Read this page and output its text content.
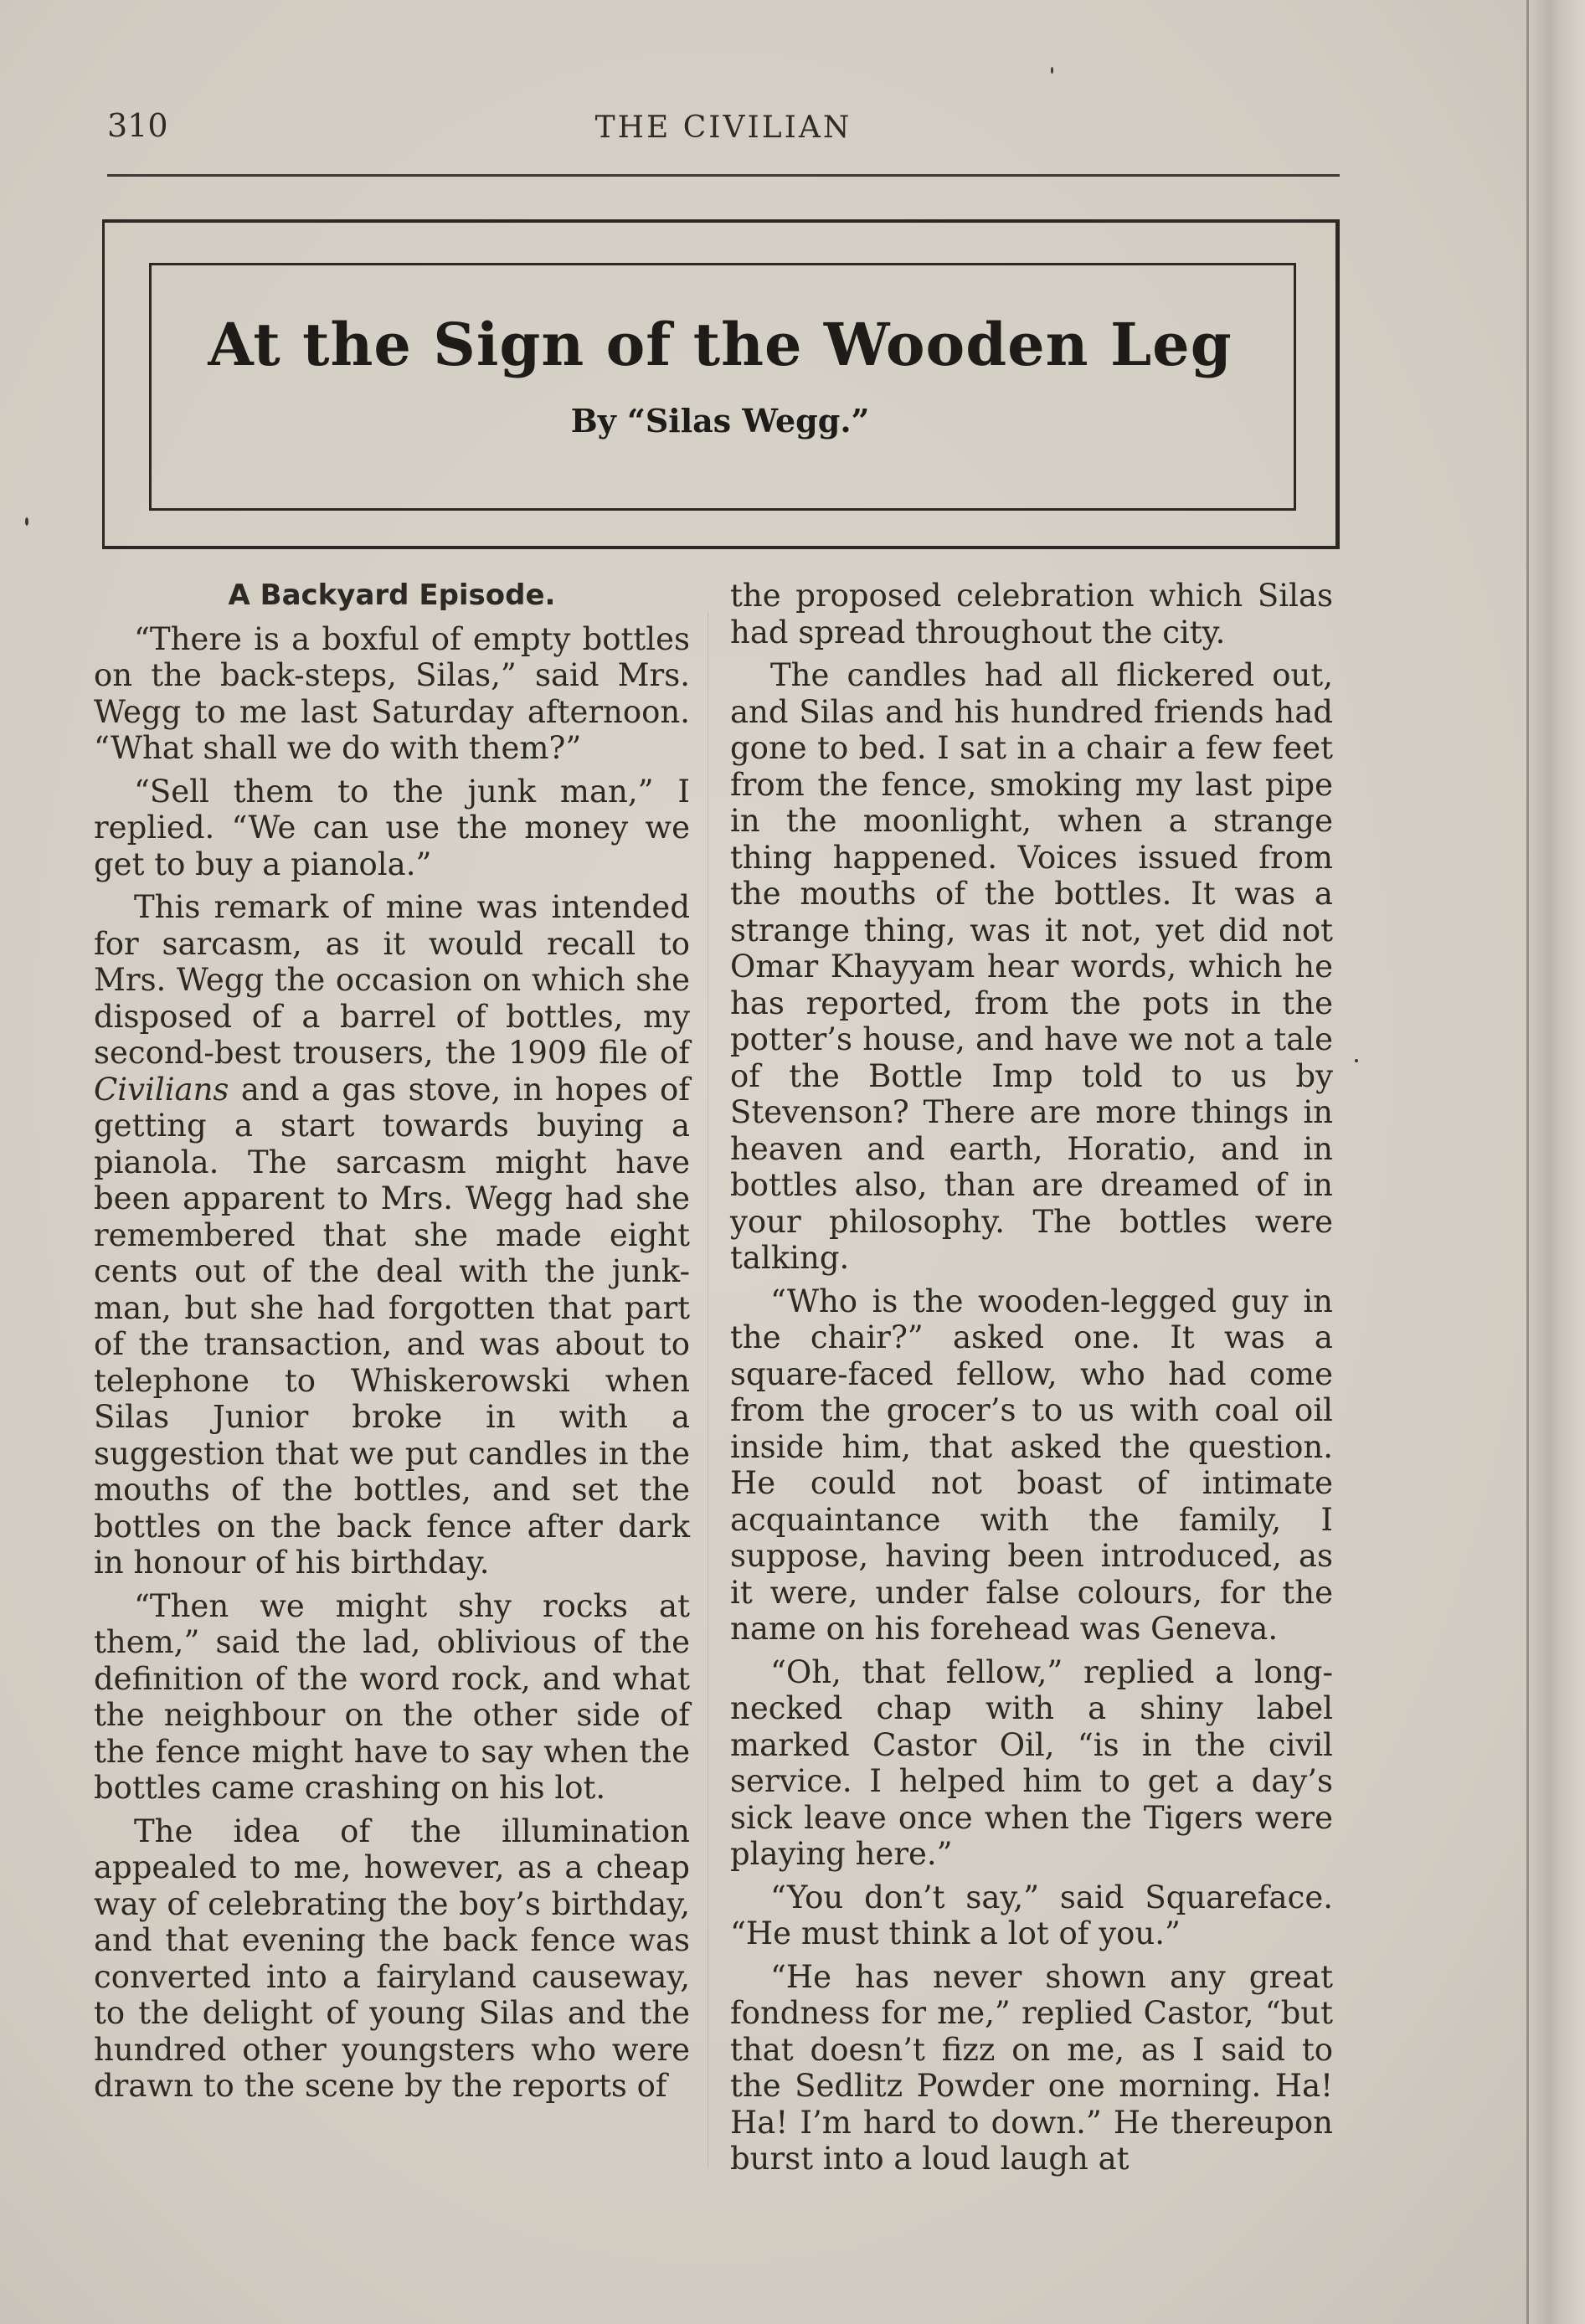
310	THE CIVILIAN
At the Sign of the Wooden Leg
By “Silas Wegg.”

A Backyard Episode.

“There is a boxful of empty bottles on the back-steps, Silas,” said Mrs. Wegg to me last Saturday afternoon. “What shall we do with them?”

“Sell them to the junk man,” I replied. “We can use the money we get to buy a pianola.”

This remark of mine was intended for sarcasm, as it would recall to Mrs. Wegg the occasion on which she disposed of a barrel of bottles, my second-best trousers, the 1909 file of Civilians and a gas stove, in hopes of getting a start towards buying a pianola. The sarcasm might have been apparent to Mrs. Wegg had she remembered that she made eight cents out of the deal with the junk-man, but she had forgotten that part of the transaction, and was about to telephone to Whiskerowski when Silas Junior broke in with a suggestion that we put candles in the mouths of the bottles, and set the bottles on the back fence after dark in honour of his birthday.

“Then we might shy rocks at them,” said the lad, oblivious of the definition of the word rock, and what the neighbour on the other side of the fence might have to say when the bottles came crashing on his lot.

The idea of the illumination appealed to me, however, as a cheap way of celebrating the boy’s birthday, and that evening the back fence was converted into a fairyland causeway, to the delight of young Silas and the hundred other youngsters who were drawn to the scene by the reports of

the proposed celebration which Silas had spread throughout the city.

The candles had all flickered out, and Silas and his hundred friends had gone to bed. I sat in a chair a few feet from the fence, smoking my last pipe in the moonlight, when a strange thing happened. Voices issued from the mouths of the bottles. It was a strange thing, was it not, yet did not Omar Khayyam hear words, which he has reported, from the pots in the potter’s house, and have we not a tale of the Bottle Imp told to us by Stevenson? There are more things in heaven and earth, Horatio, and in bottles also, than are dreamed of in your philosophy. The bottles were talking.

“Who is the wooden-legged guy in the chair?” asked one. It was a square-faced fellow, who had come from the grocer’s to us with coal oil inside him, that asked the question. He could not boast of intimate acquaintance with the family, I suppose, having been introduced, as it were, under false colours, for the name on his forehead was Geneva.

“Oh, that fellow,” replied a long-necked chap with a shiny label marked Castor Oil, “is in the civil service. I helped him to get a day’s sick leave once when the Tigers were playing here.”

“You don’t say,” said Squareface. “He must think a lot of you.”

“He has never shown any great fondness for me,” replied Castor, “but that doesn’t fizz on me, as I said to the Sedlitz Powder one morning. Ha! Ha! I’m hard to down.” He thereupon burst into a loud laugh at
